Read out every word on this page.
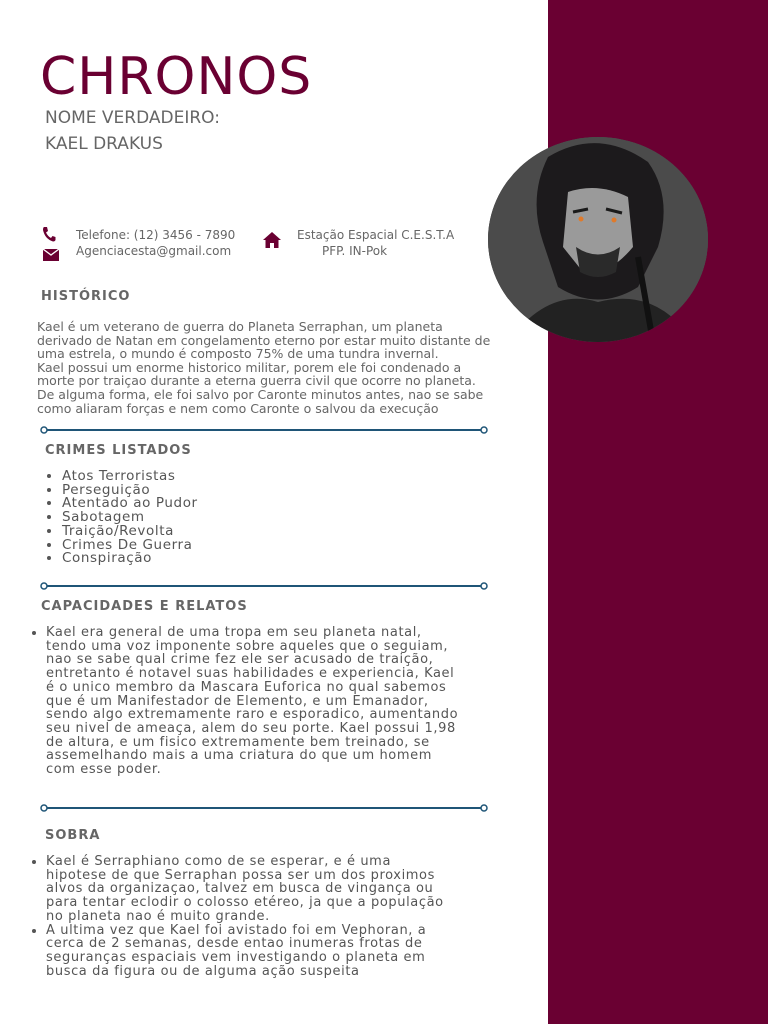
CHRONOS

NOME VERDADEIRO:

KAEL DRAKUS

Telefone: (12) 3456 - 7890
Agenciacesta@gmail.com
Estação Espacial C.E.S.T.A
PFP. IN-Pok
HISTÓRICO
Kael é um veterano de guerra do Planeta Serraphan, um planeta
derivado de Natan em congelamento eterno por estar muito distante de
uma estrela, o mundo é composto 75% de uma tundra invernal.
Kael possui um enorme historico militar, porem ele foi condenado a
morte por traiçao durante a eterna guerra civil que ocorre no planeta.
De alguma forma, ele foi salvo por Caronte minutos antes, nao se sabe
como aliaram forças e nem como Caronte o salvou da execução
CRIMES LISTADOS
• Atos Terroristas
• Perseguição
• Atentado ao Pudor
• Sabotagem
• Traição/Revolta
• Crimes De Guerra
• Conspiração
CAPACIDADES E RELATOS
• Kael era general de uma tropa em seu planeta natal,
tendo uma voz imponente sobre aqueles que o seguiam,
nao se sabe qual crime fez ele ser acusado de traição,
entretanto é notavel suas habilidades e experiencia, Kael
é o unico membro da Mascara Euforica no qual sabemos
que é um Manifestador de Elemento, e um Emanador,
sendo algo extremamente raro e esporadico, aumentando
seu nivel de ameaça, alem do seu porte. Kael possui 1,98
de altura, e um fisico extremamente bem treinado, se
assemelhando mais a uma criatura do que um homem
com esse poder.
SOBRA
• Kael é Serraphiano como de se esperar, e é uma
hipotese de que Serraphan possa ser um dos proximos
alvos da organizaçao, talvez em busca de vingança ou
para tentar eclodir o colosso etéreo, ja que a população
no planeta nao é muito grande.
• A ultima vez que Kael foi avistado foi em Vephoran, a
cerca de 2 semanas, desde entao inumeras frotas de
seguranças espaciais vem investigando o planeta em
busca da figura ou de alguma ação suspeita
